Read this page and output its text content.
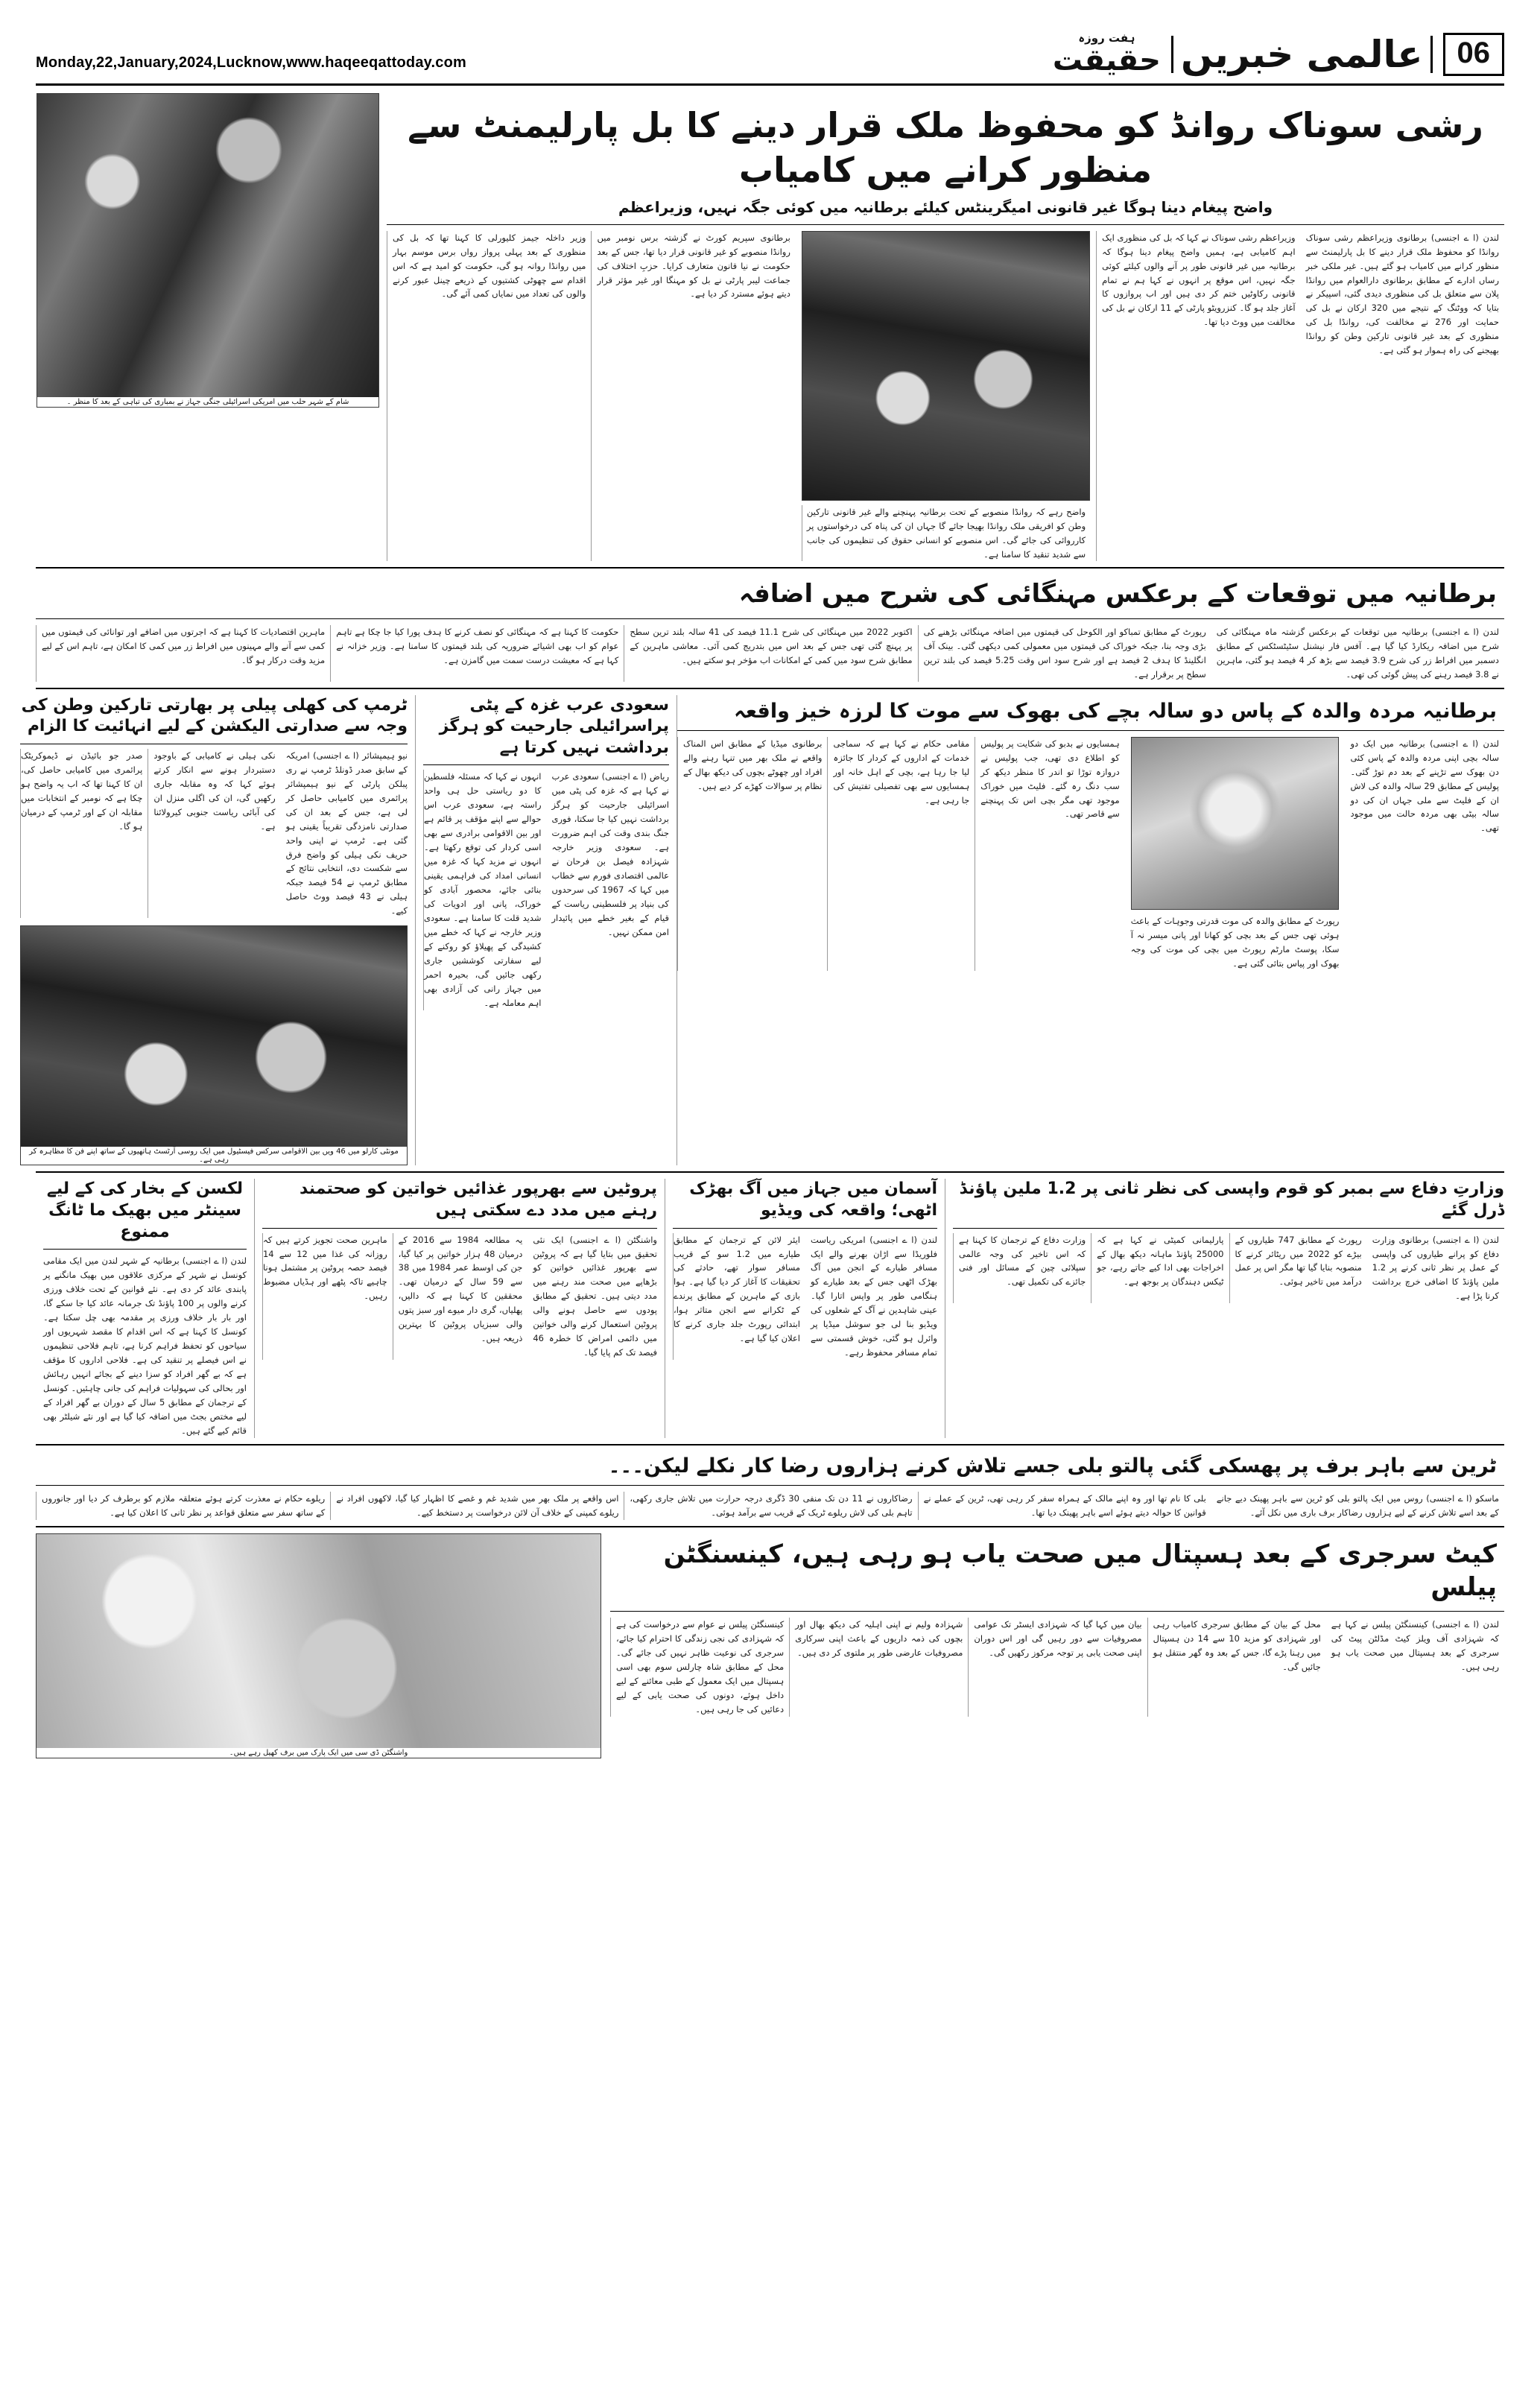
Monday,22,January,2024,Lucknow,www.haqeeqattoday.com	06
عالمی خبریں
ہفت روزہ
حقیقت
رشی سوناک روانڈ کو محفوظ ملک قرار دینے کا بل پارلیمنٹ سے منظور کرانے میں کامیاب
واضح پیغام دینا ہوگا غیر قانونی امیگرینٹس کیلئے برطانیہ میں کوئی جگہ نہیں، وزیراعظم
لندن (ا ے اجنسی) برطانوی وزیراعظم رشی سوناک روانڈا کو محفوظ ملک قرار دینے کا بل پارلیمنٹ سے منظور کرانے میں کامیاب ہو گئے ہیں۔ غیر ملکی خبر رساں ادارے کے مطابق برطانوی دارالعوام میں روانڈا پلان سے متعلق بل کی منظوری دیدی گئی، اسپیکر نے بتایا کہ ووٹنگ کے نتیجے میں 320 ارکان نے بل کی حمایت اور 276 نے مخالفت کی، روانڈا بل کی منظوری کے بعد غیر قانونی تارکین وطن کو روانڈا بھیجنے کی راہ ہموار ہو گئی ہے۔
وزیراعظم رشی سوناک نے کہا کہ بل کی منظوری ایک اہم کامیابی ہے، ہمیں واضح پیغام دینا ہوگا کہ برطانیہ میں غیر قانونی طور پر آنے والوں کیلئے کوئی جگہ نہیں، اس موقع پر انہوں نے کہا ہم نے تمام قانونی رکاوٹیں ختم کر دی ہیں اور اب پروازوں کا آغاز جلد ہو گا۔ کنزرویٹو پارٹی کے 11 ارکان نے بل کی مخالفت میں ووٹ دیا تھا۔
واضح رہے کہ روانڈا منصوبے کے تحت برطانیہ پہنچنے والے غیر قانونی تارکین وطن کو افریقی ملک روانڈا بھیجا جائے گا جہاں ان کی پناہ کی درخواستوں پر کارروائی کی جائے گی۔ اس منصوبے کو انسانی حقوق کی تنظیموں کی جانب سے شدید تنقید کا سامنا ہے۔
برطانوی سپریم کورٹ نے گزشتہ برس نومبر میں روانڈا منصوبے کو غیر قانونی قرار دیا تھا، جس کے بعد حکومت نے نیا قانون متعارف کرایا۔ حزبِ اختلاف کی جماعت لیبر پارٹی نے بل کو مہنگا اور غیر مؤثر قرار دیتے ہوئے مسترد کر دیا ہے۔
وزیر داخلہ جیمز کلیورلی کا کہنا تھا کہ بل کی منظوری کے بعد پہلی پرواز رواں برس موسم بہار میں روانڈا روانہ ہو گی، حکومت کو امید ہے کہ اس اقدام سے چھوٹی کشتیوں کے ذریعے چینل عبور کرنے والوں کی تعداد میں نمایاں کمی آئے گی۔
شام کے شہر حلب میں امریکی اسرائیلی جنگی جہاز نے بمباری کی تباہی کے بعد کا منظر ۔
برطانیہ میں توقعات کے برعکس مہنگائی کی شرح میں اضافہ
لندن (ا ے اجنسی) برطانیہ میں توقعات کے برعکس گزشتہ ماہ مہنگائی کی شرح میں اضافہ ریکارڈ کیا گیا ہے۔ آفس فار نیشنل سٹیٹسٹکس کے مطابق دسمبر میں افراط زر کی شرح 3.9 فیصد سے بڑھ کر 4 فیصد ہو گئی، ماہرین نے 3.8 فیصد رہنے کی پیش گوئی کی تھی۔
رپورٹ کے مطابق تمباکو اور الکوحل کی قیمتوں میں اضافہ مہنگائی بڑھنے کی بڑی وجہ بنا، جبکہ خوراک کی قیمتوں میں معمولی کمی دیکھی گئی۔ بینک آف انگلینڈ کا ہدف 2 فیصد ہے اور شرح سود اس وقت 5.25 فیصد کی بلند ترین سطح پر برقرار ہے۔
اکتوبر 2022 میں مہنگائی کی شرح 11.1 فیصد کی 41 سالہ بلند ترین سطح پر پہنچ گئی تھی جس کے بعد اس میں بتدریج کمی آئی۔ معاشی ماہرین کے مطابق شرح سود میں کمی کے امکانات اب مؤخر ہو سکتے ہیں۔
حکومت کا کہنا ہے کہ مہنگائی کو نصف کرنے کا ہدف پورا کیا جا چکا ہے تاہم عوام کو اب بھی اشیائے ضروریہ کی بلند قیمتوں کا سامنا ہے۔ وزیر خزانہ نے کہا ہے کہ معیشت درست سمت میں گامزن ہے۔
ماہرین اقتصادیات کا کہنا ہے کہ اجرتوں میں اضافے اور توانائی کی قیمتوں میں کمی سے آنے والے مہینوں میں افراط زر میں کمی کا امکان ہے، تاہم اس کے لیے مزید وقت درکار ہو گا۔
برطانیہ مردہ والدہ کے پاس دو سالہ بچے کی بھوک سے موت کا لرزہ خیز واقعہ
لندن (ا ے اجنسی) برطانیہ میں ایک دو سالہ بچی اپنی مردہ والدہ کے پاس کئی دن بھوک سے تڑپنے کے بعد دم توڑ گئی۔ پولیس کے مطابق 29 سالہ والدہ کی لاش ان کے فلیٹ سے ملی جہاں ان کی دو سالہ بیٹی بھی مردہ حالت میں موجود تھی۔
رپورٹ کے مطابق والدہ کی موت قدرتی وجوہات کے باعث ہوئی تھی جس کے بعد بچی کو کھانا اور پانی میسر نہ آ سکا، پوسٹ مارٹم رپورٹ میں بچی کی موت کی وجہ بھوک اور پیاس بتائی گئی ہے۔
ہمسایوں نے بدبو کی شکایت پر پولیس کو اطلاع دی تھی، جب پولیس نے دروازہ توڑا تو اندر کا منظر دیکھ کر سب دنگ رہ گئے۔ فلیٹ میں خوراک موجود تھی مگر بچی اس تک پہنچنے سے قاصر تھی۔
مقامی حکام نے کہا ہے کہ سماجی خدمات کے اداروں کے کردار کا جائزہ لیا جا رہا ہے، بچی کے اہل خانہ اور ہمسایوں سے بھی تفصیلی تفتیش کی جا رہی ہے۔
برطانوی میڈیا کے مطابق اس المناک واقعے نے ملک بھر میں تنہا رہنے والے افراد اور چھوٹے بچوں کی دیکھ بھال کے نظام پر سوالات کھڑے کر دیے ہیں۔
سعودی عرب غزہ کے پٹی پراسرائیلی جارحیت کو ہرگز برداشت نہیں کرتا ہے
ریاض (ا ے اجنسی) سعودی عرب نے کہا ہے کہ غزہ کی پٹی میں اسرائیلی جارحیت کو ہرگز برداشت نہیں کیا جا سکتا، فوری جنگ بندی وقت کی اہم ضرورت ہے۔ سعودی وزیر خارجہ شہزادہ فیصل بن فرحان نے عالمی اقتصادی فورم سے خطاب میں کہا کہ 1967 کی سرحدوں کی بنیاد پر فلسطینی ریاست کے قیام کے بغیر خطے میں پائیدار امن ممکن نہیں۔
انہوں نے کہا کہ مسئلہ فلسطین کا دو ریاستی حل ہی واحد راستہ ہے، سعودی عرب اس حوالے سے اپنے مؤقف پر قائم ہے اور بین الاقوامی برادری سے بھی اسی کردار کی توقع رکھتا ہے۔ انہوں نے مزید کہا کہ غزہ میں انسانی امداد کی فراہمی یقینی بنائی جائے، محصور آبادی کو خوراک، پانی اور ادویات کی شدید قلت کا سامنا ہے۔ سعودی وزیر خارجہ نے کہا کہ خطے میں کشیدگی کے پھیلاؤ کو روکنے کے لیے سفارتی کوششیں جاری رکھی جائیں گی، بحیرہ احمر میں جہاز رانی کی آزادی بھی اہم معاملہ ہے۔
ٹرمپ کی کھلی پیلی پر بھارتی تارکین وطن کی وجہ سے صدارتی الیکشن کے لیے انہائیت کا الزام
نیو ہیمپشائر (ا ے اجنسی) امریکہ کے سابق صدر ڈونلڈ ٹرمپ نے ری پبلکن پارٹی کے نیو ہیمپشائر پرائمری میں کامیابی حاصل کر لی ہے، جس کے بعد ان کی صدارتی نامزدگی تقریباً یقینی ہو گئی ہے۔ ٹرمپ نے اپنی واحد حریف نکی ہیلی کو واضح فرق سے شکست دی، انتخابی نتائج کے مطابق ٹرمپ نے 54 فیصد جبکہ ہیلی نے 43 فیصد ووٹ حاصل کیے۔
نکی ہیلی نے کامیابی کے باوجود دستبردار ہونے سے انکار کرتے ہوئے کہا کہ وہ مقابلہ جاری رکھیں گی، ان کی اگلی منزل ان کی آبائی ریاست جنوبی کیرولائنا ہے۔
صدر جو بائیڈن نے ڈیموکریٹک پرائمری میں کامیابی حاصل کی، ان کا کہنا تھا کہ اب یہ واضح ہو چکا ہے کہ نومبر کے انتخابات میں مقابلہ ان کے اور ٹرمپ کے درمیان ہو گا۔
مونٹی کارلو میں 46 ویں بین الاقوامی سرکس فیسٹیول میں ایک روسی آرٹسٹ ہاتھیوں کے ساتھ اپنے فن کا مظاہرہ کر رہی ہے۔
وزارتِ دفاع سے بمبر کو قوم واپسی کی نظر ثانی پر 1.2 ملین پاؤنڈ ڈرل گئے
لندن (ا ے اجنسی) برطانوی وزارت دفاع کو پرانے طیاروں کی واپسی کے عمل پر نظر ثانی کرنے پر 1.2 ملین پاؤنڈ کا اضافی خرچ برداشت کرنا پڑا ہے۔
رپورٹ کے مطابق 747 طیاروں کے بیڑے کو 2022 میں ریٹائر کرنے کا منصوبہ بنایا گیا تھا مگر اس پر عمل درآمد میں تاخیر ہوئی۔
پارلیمانی کمیٹی نے کہا ہے کہ 25000 پاؤنڈ ماہانہ دیکھ بھال کے اخراجات بھی ادا کیے جاتے رہے، جو ٹیکس دہندگان پر بوجھ ہے۔
وزارت دفاع کے ترجمان کا کہنا ہے کہ اس تاخیر کی وجہ عالمی سپلائی چین کے مسائل اور فنی جائزے کی تکمیل تھی۔
آسمان میں جہاز میں آگ بھڑک اٹھی؛ واقعہ کی ویڈیو
لندن (ا ے اجنسی) امریکی ریاست فلوریڈا سے اڑان بھرنے والے ایک مسافر طیارے کے انجن میں آگ بھڑک اٹھی جس کے بعد طیارے کو ہنگامی طور پر واپس اتارا گیا۔ عینی شاہدین نے آگ کے شعلوں کی ویڈیو بنا لی جو سوشل میڈیا پر وائرل ہو گئی، خوش قسمتی سے تمام مسافر محفوظ رہے۔
ایئر لائن کے ترجمان کے مطابق طیارے میں 1.2 سو کے قریب مسافر سوار تھے، حادثے کی تحقیقات کا آغاز کر دیا گیا ہے۔ ہوا بازی کے ماہرین کے مطابق پرندے کے ٹکرانے سے انجن متاثر ہوا، ابتدائی رپورٹ جلد جاری کرنے کا اعلان کیا گیا ہے۔
پروٹین سے بھرپور غذائیں خواتین کو صحتمند رہنے میں مدد دے سکتی ہیں
واشنگٹن (ا ے اجنسی) ایک نئی تحقیق میں بتایا گیا ہے کہ پروٹین سے بھرپور غذائیں خواتین کو بڑھاپے میں صحت مند رہنے میں مدد دیتی ہیں۔ تحقیق کے مطابق پودوں سے حاصل ہونے والی پروٹین استعمال کرنے والی خواتین میں دائمی امراض کا خطرہ 46 فیصد تک کم پایا گیا۔
یہ مطالعہ 1984 سے 2016 کے درمیان 48 ہزار خواتین پر کیا گیا، جن کی اوسط عمر 1984 میں 38 سے 59 سال کے درمیان تھی۔ محققین کا کہنا ہے کہ دالیں، پھلیاں، گری دار میوے اور سبز پتوں والی سبزیاں پروٹین کا بہترین ذریعہ ہیں۔
ماہرین صحت تجویز کرتے ہیں کہ روزانہ کی غذا میں 12 سے 14 فیصد حصہ پروٹین پر مشتمل ہونا چاہیے تاکہ پٹھے اور ہڈیاں مضبوط رہیں۔
لکسن کے بخار کی کے لیے سینٹر میں بھیک ما ٹانگ ممنوع
لندن (ا ے اجنسی) برطانیہ کے شہر لندن میں ایک مقامی کونسل نے شہر کے مرکزی علاقوں میں بھیک مانگنے پر پابندی عائد کر دی ہے۔ نئے قوانین کے تحت خلاف ورزی کرنے والوں پر 100 پاؤنڈ تک جرمانہ عائد کیا جا سکے گا، اور بار بار خلاف ورزی پر مقدمہ بھی چل سکتا ہے۔ کونسل کا کہنا ہے کہ اس اقدام کا مقصد شہریوں اور سیاحوں کو تحفظ فراہم کرنا ہے، تاہم فلاحی تنظیموں نے اس فیصلے پر تنقید کی ہے۔ فلاحی اداروں کا مؤقف ہے کہ بے گھر افراد کو سزا دینے کے بجائے انہیں رہائش اور بحالی کی سہولیات فراہم کی جانی چاہئیں۔ کونسل کے ترجمان کے مطابق 5 سال کے دوران بے گھر افراد کے لیے مختص بجٹ میں اضافہ کیا گیا ہے اور نئے شیلٹر بھی قائم کیے گئے ہیں۔
ٹرین سے باہر برف پر پھسکی گئی پالتو بلی جسے تلاش کرنے ہزاروں رضا کار نکلے لیکن۔۔۔
ماسکو (ا ے اجنسی) روس میں ایک پالتو بلی کو ٹرین سے باہر پھینک دیے جانے کے بعد اسے تلاش کرنے کے لیے ہزاروں رضاکار برف باری میں نکل آئے۔
بلی کا نام تھا اور وہ اپنے مالک کے ہمراہ سفر کر رہی تھی، ٹرین کے عملے نے قوانین کا حوالہ دیتے ہوئے اسے باہر پھینک دیا تھا۔
رضاکاروں نے 11 دن تک منفی 30 ڈگری درجہ حرارت میں تلاش جاری رکھی، تاہم بلی کی لاش ریلوے ٹریک کے قریب سے برآمد ہوئی۔
اس واقعے پر ملک بھر میں شدید غم و غصے کا اظہار کیا گیا، لاکھوں افراد نے ریلوے کمپنی کے خلاف آن لائن درخواست پر دستخط کیے۔
ریلوے حکام نے معذرت کرتے ہوئے متعلقہ ملازم کو برطرف کر دیا اور جانوروں کے ساتھ سفر سے متعلق قواعد پر نظر ثانی کا اعلان کیا ہے۔
کیٹ سرجری کے بعد ہسپتال میں صحت یاب ہو رہی ہیں، کینسنگٹن پیلس
لندن (ا ے اجنسی) کینسنگٹن پیلس نے کہا ہے کہ شہزادی آف ویلز کیٹ مڈلٹن پیٹ کی سرجری کے بعد ہسپتال میں صحت یاب ہو رہی ہیں۔
محل کے بیان کے مطابق سرجری کامیاب رہی اور شہزادی کو مزید 10 سے 14 دن ہسپتال میں رہنا پڑے گا، جس کے بعد وہ گھر منتقل ہو جائیں گی۔
بیان میں کہا گیا کہ شہزادی ایسٹر تک عوامی مصروفیات سے دور رہیں گی اور اس دوران اپنی صحت یابی پر توجہ مرکوز رکھیں گی۔
شہزادہ ولیم نے اپنی اہلیہ کی دیکھ بھال اور بچوں کی ذمہ داریوں کے باعث اپنی سرکاری مصروفیات عارضی طور پر ملتوی کر دی ہیں۔
کینسنگٹن پیلس نے عوام سے درخواست کی ہے کہ شہزادی کی نجی زندگی کا احترام کیا جائے، سرجری کی نوعیت ظاہر نہیں کی جائے گی۔ محل کے مطابق شاہ چارلس سوم بھی اسی ہسپتال میں ایک معمول کے طبی معائنے کے لیے داخل ہوئے، دونوں کی صحت یابی کے لیے دعائیں کی جا رہی ہیں۔
واشنگٹن ڈی سی میں ایک پارک میں برف کھیل رہے ہیں۔
